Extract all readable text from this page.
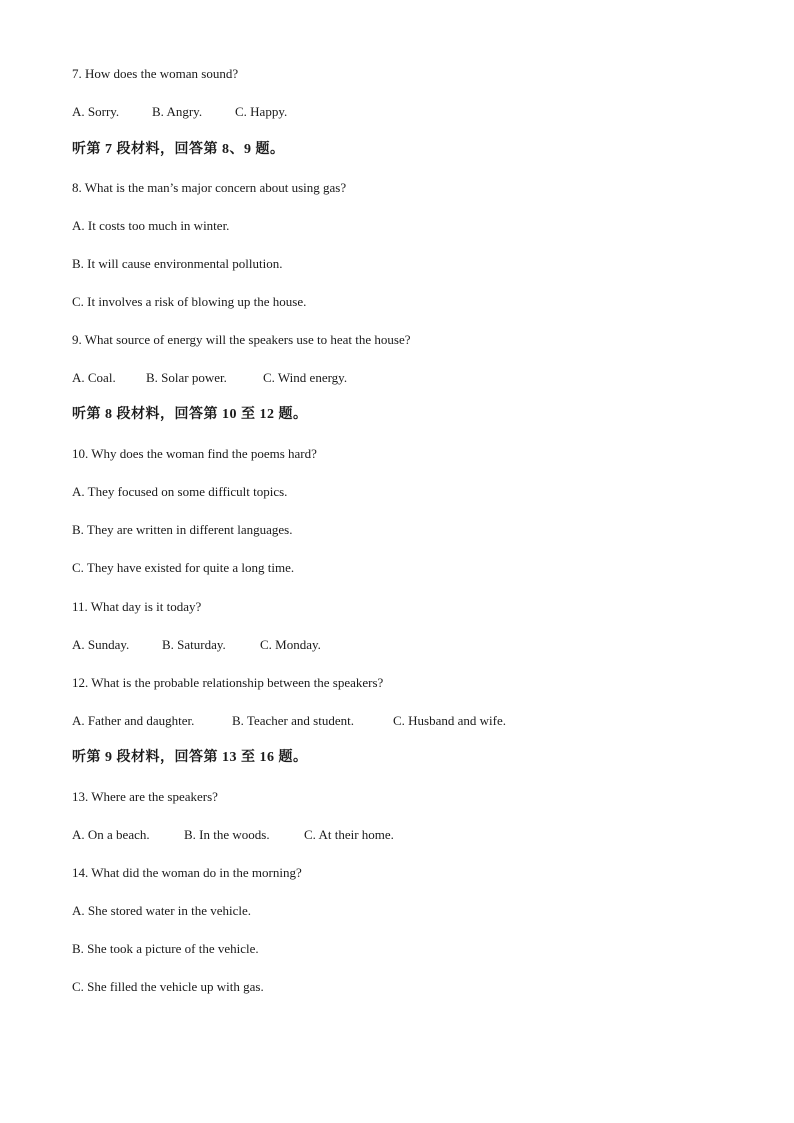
7. How does the woman sound?
A. Sorry.	B. Angry.	C. Happy.
听第 7 段材料，回答第 8、9 题。
8. What is the man’s major concern about using gas?
A. It costs too much in winter.
B. It will cause environmental pollution.
C. It involves a risk of blowing up the house.
9. What source of energy will the speakers use to heat the house?
A. Coal. B. Solar power.	C. Wind energy.
听第 8 段材料，回答第 10 至 12 题。
10. Why does the woman find the poems hard?
A. They focused on some difficult topics.
B. They are written in different languages.
C. They have existed for quite a long time.
11. What day is it today?
A. Sunday.	B. Saturday.	C. Monday.
12. What is the probable relationship between the speakers?
A. Father and daughter.	B. Teacher and student.	C. Husband and wife.
听第 9 段材料，回答第 13 至 16 题。
13. Where are the speakers?
A. On a beach.	B. In the woods.	C. At their home.
14. What did the woman do in the morning?
A. She stored water in the vehicle.
B. She took a picture of the vehicle.
C. She filled the vehicle up with gas.
